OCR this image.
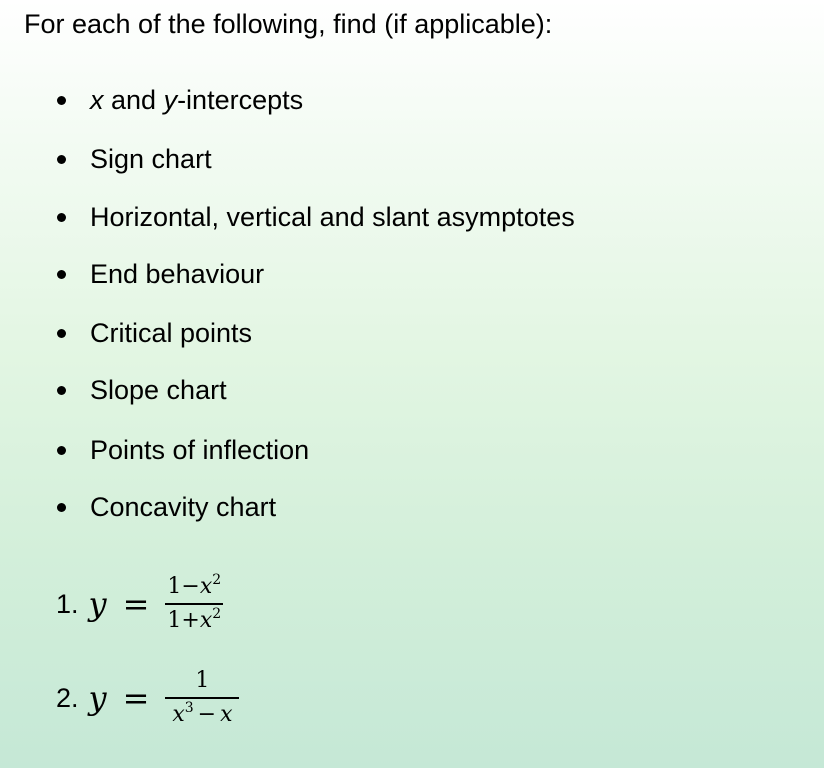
For each of the following, find (if applicable):

x and y -intercepts
Sign chart
Horizontal, vertical and slant asymptotes
End behaviour
Critical points
Slope chart
Points of inflection
Concavity chart
1. $y = \frac{1-x^2}{1+x^2}$
2. $y = \frac{1}{x^3 - x}$
